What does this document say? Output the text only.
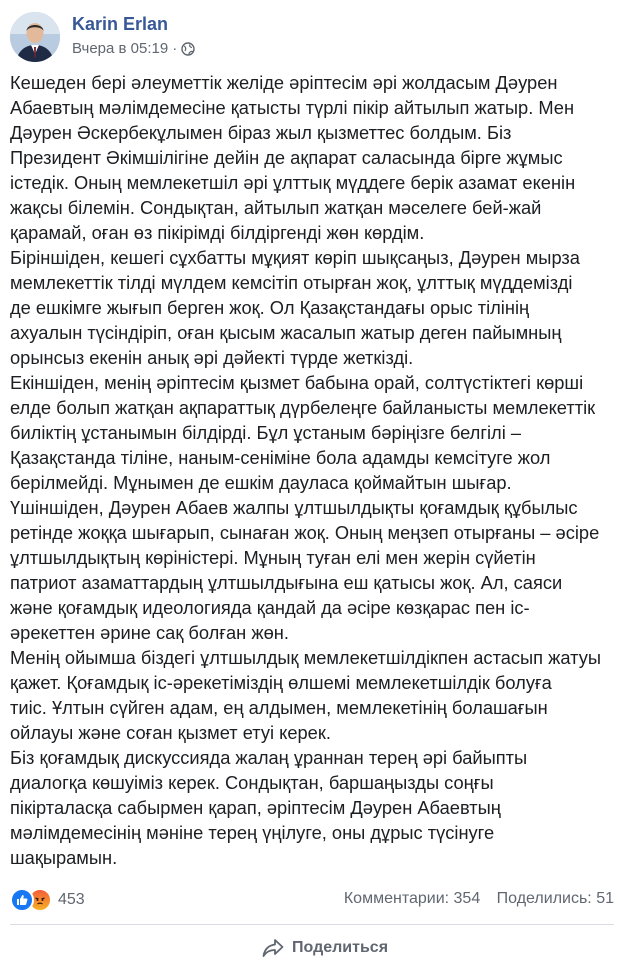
Karin Erlan
Вчера в 05:19 ·

Кешеден бері әлеуметтік желіде әріптесім әрі жолдасым Дәурен

Абаевтың мәлімдемесіне қатысты түрлі пікір айтылып жатыр. Мен

Дәурен Әскербекұлымен біраз жыл қызметтес болдым. Біз

Президент Әкімшілігіне дейін де ақпарат саласында бірге жұмыс

істедік. Оның мемлекетшіл әрі ұлттық мүддеге берік азамат екенін

жақсы білемін. Сондықтан, айтылып жатқан мәселеге бей-жай

қарамай, оған өз пікірімді білдіргенді жөн көрдім.

Біріншіден, кешегі сұхбатты мұқият көріп шықсаңыз, Дәурен мырза

мемлекеттік тілді мүлдем кемсітіп отырған жоқ, ұлттық мүддемізді

де ешкімге жығып берген жоқ. Ол Қазақстандағы орыс тілінің

ахуалын түсіндіріп, оған қысым жасалып жатыр деген пайымның

орынсыз екенін анық әрі дәйекті түрде жеткізді.

Екіншіден, менің әріптесім қызмет бабына орай, солтүстіктегі көрші

елде болып жатқан ақпараттық дүрбелеңге байланысты мемлекеттік

биліктің ұстанымын білдірді. Бұл ұстаным бәріңізге белгілі –

Қазақстанда тіліне, наным-сеніміне бола адамды кемсітуге жол

берілмейді. Мұнымен де ешкім дауласа қоймайтын шығар.

Үшіншіден, Дәурен Абаев жалпы ұлтшылдықты қоғамдық құбылыс

ретінде жоққа шығарып, сынаған жоқ. Оның меңзеп отырғаны – әсіре

ұлтшылдықтың көріністері. Мұның туған елі мен жерін сүйетін

патриот азаматтардың ұлтшылдығына еш қатысы жоқ. Ал, саяси

және қоғамдық идеологияда қандай да әсіре көзқарас пен іс-

әрекеттен әрине сақ болған жөн.

Менің ойымша біздегі ұлтшылдық мемлекетшілдікпен астасып жатуы

қажет. Қоғамдық іс-әрекетіміздің өлшемі мемлекетшілдік болуға

тиіс. Ұлтын сүйген адам, ең алдымен, мемлекетінің болашағын

ойлауы және соған қызмет етуі керек.

Біз қоғамдық дискуссияда жалаң ұраннан терең әрі байыпты

диалогқа көшуіміз керек. Сондықтан, баршаңызды соңғы

пікірталасқа сабырмен қарап, әріптесім Дәурен Абаевтың

мәлімдемесінің мәніне терең үңілуге, оны дұрыс түсінуге

шақырамын.

453	Комментарии: 354 Поделились: 51
Поделиться
